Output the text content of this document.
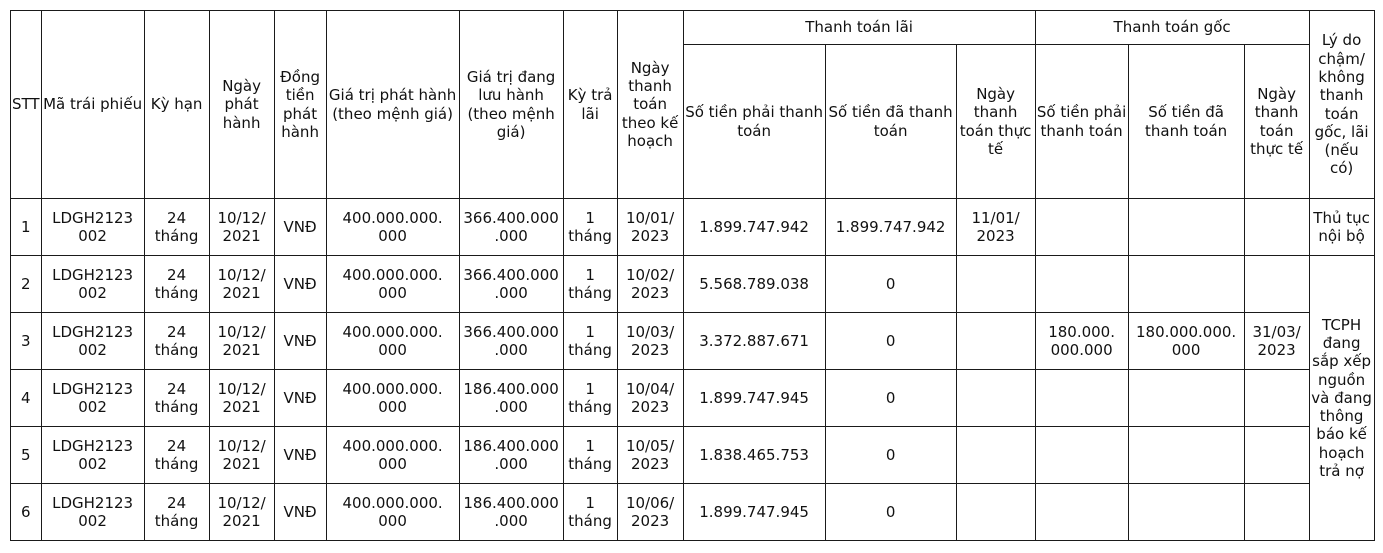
STT	Mã trái phiếu	Kỳ hạn	Ngày phát hành	Đồng tiền phát hành	Giá trị phát hành (theo mệnh giá)	Giá trị đang lưu hành (theo mệnh giá)	Kỳ trả lãi	Ngày thanh toán theo kế hoạch	Thanh toán lãi			Thanh toán gốc			Lý do chậm/ không thanh toán gốc, lãi (nếu có)
									Số tiền phải thanh toán	Số tiền đã thanh toán	Ngày thanh toán thực tế	Số tiền phải thanh toán	Số tiền đã thanh toán	Ngày thanh toán thực tế	
1	LDGH2123 002	24 tháng	10/12/ 2021	VNĐ	400.000.000. 000	366.400.000 .000	1 tháng	10/01/ 2023	1.899.747.942	1.899.747.942	11/01/ 2023				Thủ tục nội bộ
2	LDGH2123 002	24 tháng	10/12/ 2021	VNĐ	400.000.000. 000	366.400.000 .000	1 tháng	10/02/ 2023	5.568.789.038	0					TCPH đang sắp xếp nguồn và đang thông báo kế hoạch trả nợ
3	LDGH2123 002	24 tháng	10/12/ 2021	VNĐ	400.000.000. 000	366.400.000 .000	1 tháng	10/03/ 2023	3.372.887.671	0		180.000. 000.000	180.000.000. 000	31/03/ 2023	
4	LDGH2123 002	24 tháng	10/12/ 2021	VNĐ	400.000.000. 000	186.400.000 .000	1 tháng	10/04/ 2023	1.899.747.945	0					
5	LDGH2123 002	24 tháng	10/12/ 2021	VNĐ	400.000.000. 000	186.400.000 .000	1 tháng	10/05/ 2023	1.838.465.753	0					
6	LDGH2123 002	24 tháng	10/12/ 2021	VNĐ	400.000.000. 000	186.400.000 .000	1 tháng	10/06/ 2023	1.899.747.945	0					
